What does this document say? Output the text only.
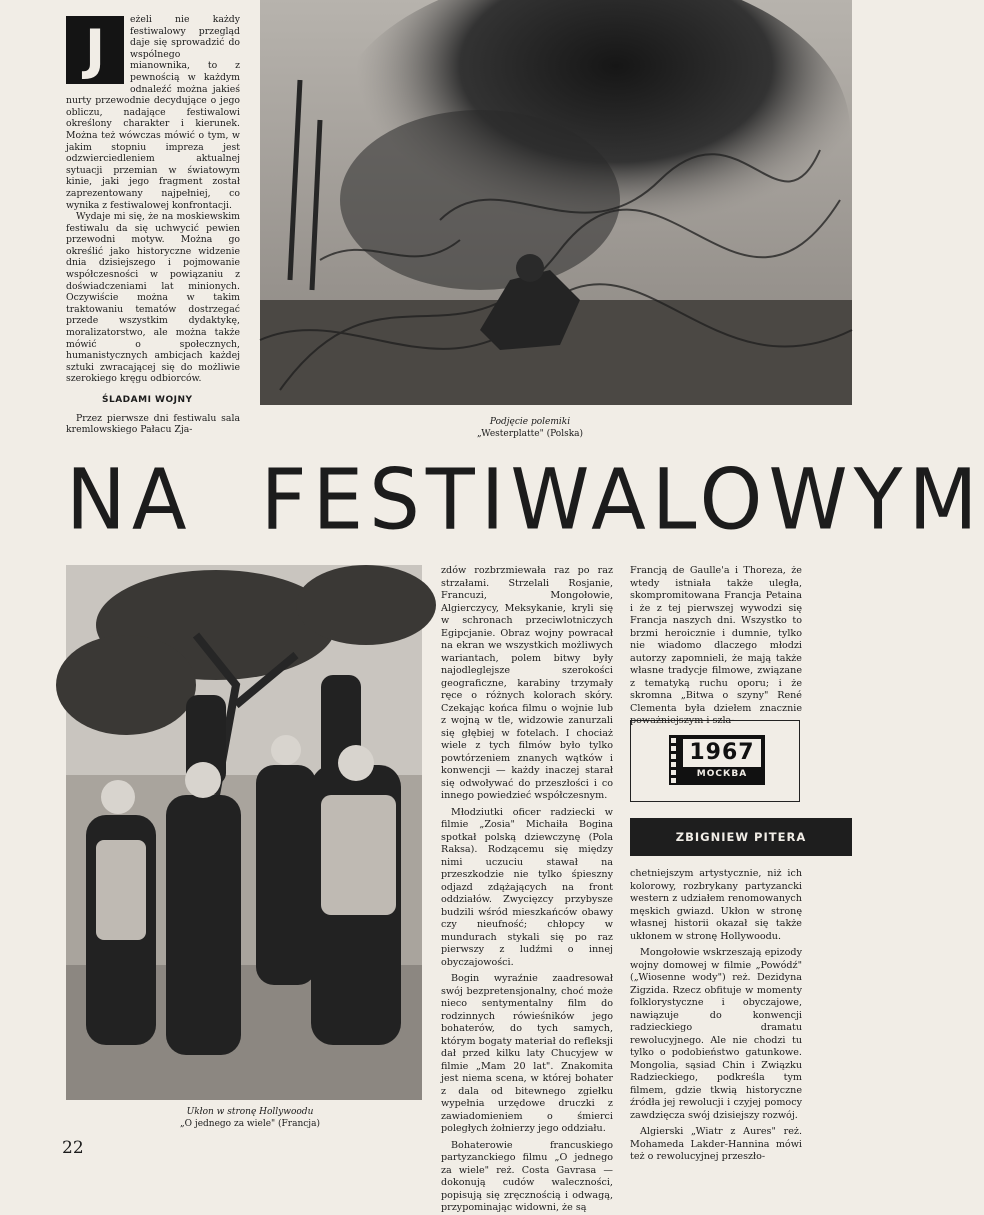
J	eżeli nie każdy festiwalowy przegląd daje się sprowadzić do wspólnego mianownika, to z pewnością w każdym odnaleźć można jakieś nurty przewodnie decydujące o jego obliczu, nadające festiwalowi określony charakter i kierunek. Można też wówczas mówić o tym, w jakim stopniu impreza jest odzwierciedleniem aktualnej sytuacji przemian w światowym kinie, jaki jego fragment został zaprezentowany najpełniej, co wynika z festiwalowej konfrontacji.

Wydaje mi się, że na moskiewskim festiwalu da się uchwycić pewien przewodni motyw. Można go określić jako historyczne widzenie dnia dzisiejszego i pojmowanie współczesności w powiązaniu z doświadczeniami lat minionych. Oczywiście można w takim traktowaniu tematów dostrzegać przede wszystkim dydaktykę, moralizatorstwo, ale można także mówić o społecznych, humanistycznych ambicjach każdej sztuki zwracającej się do możliwie szerokiego kręgu odbiorców.

ŚLADAMI WOJNY

Przez pierwsze dni festiwalu sala kremlowskiego Pałacu Zja-

Podjęcie polemiki
„Westerplatte" (Polska)
NA FESTIWALOWYM
Ukłon w stronę Hollywoodu
„O jednego za wiele" (Francja)

zdów rozbrzmiewała raz po raz strzałami. Strzelali Rosjanie, Francuzi, Mongołowie, Algierczycy, Meksykanie, kryli się w schronach przeciwlotniczych Egipcjanie. Obraz wojny powracał na ekran we wszystkich możliwych wariantach, polem bitwy były najodleglejsze szerokości geograficzne, karabiny trzymały ręce o różnych kolorach skóry. Czekając końca filmu o wojnie lub z wojną w tle, widzowie zanurzali się głębiej w fotelach. I chociaż wiele z tych filmów było tylko powtórzeniem znanych wątków i konwencji — każdy inaczej starał się odwoływać do przeszłości i co innego powiedzieć współczesnym.

Młodziutki oficer radziecki w filmie „Zosia" Michaiła Bogina spotkał polską dziewczynę (Pola Raksa). Rodzącemu się między nimi uczuciu stawał na przeszkodzie nie tylko śpieszny odjazd zdążających na front oddziałów. Zwycięzcy przybysze budzili wśród mieszkańców obawy czy nieufność; chłopcy w mundurach stykali się po raz pierwszy z ludźmi o innej obyczajowości.

Bogin wyraźnie zaadresował swój bezpretensjonalny, choć może nieco sentymentalny film do rodzinnych rówieśników jego bohaterów, do tych samych, którym bogaty materiał do refleksji dał przed kilku laty Chucyjew w filmie „Mam 20 lat". Znakomita jest niema scena, w której bohater z dala od bitewnego zgiełku wypełnia urzędowe druczki z zawiadomieniem o śmierci poległych żołnierzy jego oddziału.

Bohaterowie francuskiego partyzanckiego filmu „O jednego za wiele" reż. Costa Gavrasa — dokonują cudów waleczności, popisują się zręcznością i odwagą, przypominając widowni, że są

Francją de Gaulle'a i Thoreza, że wtedy istniała także uległa, skompromitowana Francja Petaina i że z tej pierwszej wywodzi się Francja naszych dni. Wszystko to brzmi heroicznie i dumnie, tylko nie wiadomo dlaczego młodzi autorzy zapomnieli, że mają także własne tradycje filmowe, związane z tematyką ruchu oporu; i że skromna „Bitwa o szyny" René Clementa była dziełem znacznie poważniejszym i szla-

1967
МОСКВА
ZBIGNIEW PITERA

chetniejszym artystycznie, niż ich kolorowy, rozbrykany partyzancki western z udziałem renomowanych męskich gwiazd. Ukłon w stronę własnej historii okazał się także ukłonem w stronę Hollywoodu.

Mongołowie wskrzeszają epizody wojny domowej w filmie „Powódź" („Wiosenne wody") reż. Dezidyna Zigzida. Rzecz obfituje w momenty folklorystyczne i obyczajowe, nawiązuje do konwencji radzieckiego dramatu rewolucyjnego. Ale nie chodzi tu tylko o podobieństwo gatunkowe. Mongolia, sąsiad Chin i Związku Radzieckiego, podkreśla tym filmem, gdzie tkwią historyczne źródła jej rewolucji i czyjej pomocy zawdzięcza swój dzisiejszy rozwój.

Algierski „Wiatr z Aures" reż. Mohameda Lakder-Hannina mówi też o rewolucyjnej przeszło-

22
